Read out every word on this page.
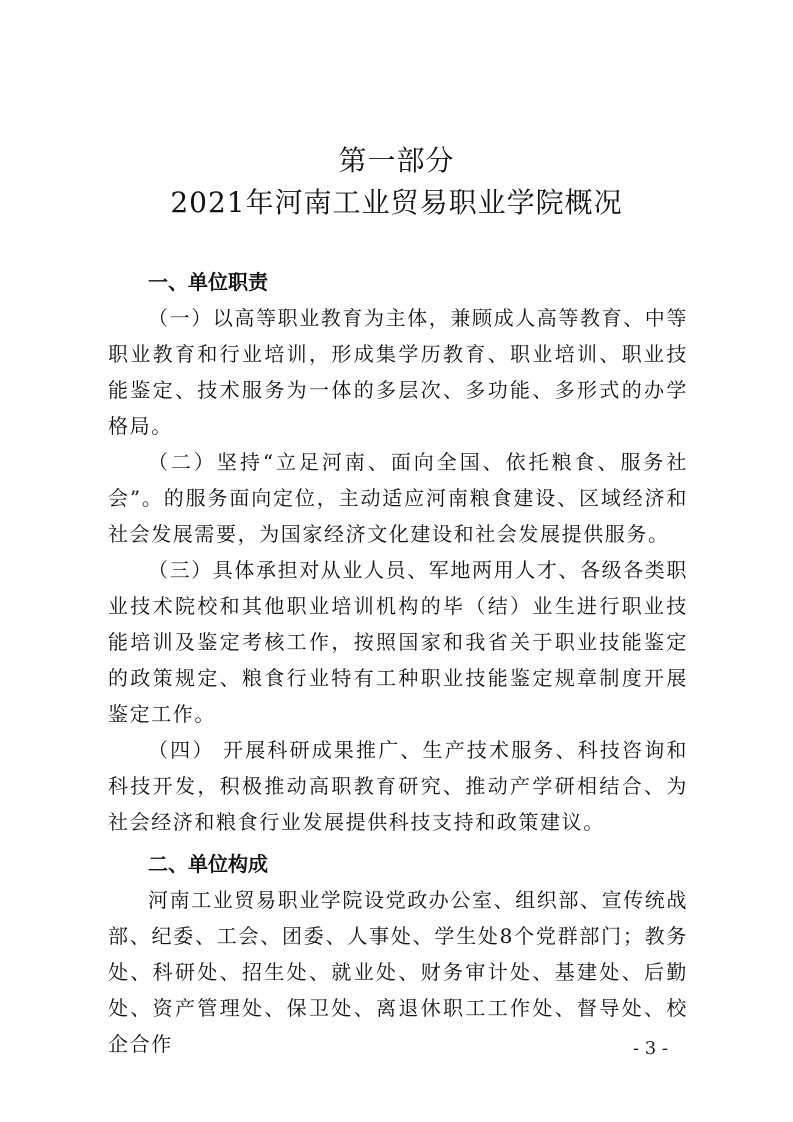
第一部分
2021年河南工业贸易职业学院概况
一、单位职责

（一）以高等职业教育为主体，兼顾成人高等教育、中等职业教育和行业培训，形成集学历教育、职业培训、职业技能鉴定、技术服务为一体的多层次、多功能、多形式的办学格局。

（二）坚持“立足河南、面向全国、依托粮食、服务社会”。的服务面向定位，主动适应河南粮食建设、区域经济和社会发展需要，为国家经济文化建设和社会发展提供服务。

（三）具体承担对从业人员、军地两用人才、各级各类职业技术院校和其他职业培训机构的毕（结）业生进行职业技能培训及鉴定考核工作，按照国家和我省关于职业技能鉴定的政策规定、粮食行业特有工种职业技能鉴定规章制度开展鉴定工作。

（四） 开展科研成果推广、生产技术服务、科技咨询和科技开发，积极推动高职教育研究、推动产学研相结合、为社会经济和粮食行业发展提供科技支持和政策建议。

二、单位构成

河南工业贸易职业学院设党政办公室、组织部、宣传统战部、纪委、工会、团委、人事处、学生处8个党群部门；教务处、科研处、招生处、就业处、财务审计处、基建处、后勤处、资产管理处、保卫处、离退休职工工作处、督导处、校企合作	- 3 -
